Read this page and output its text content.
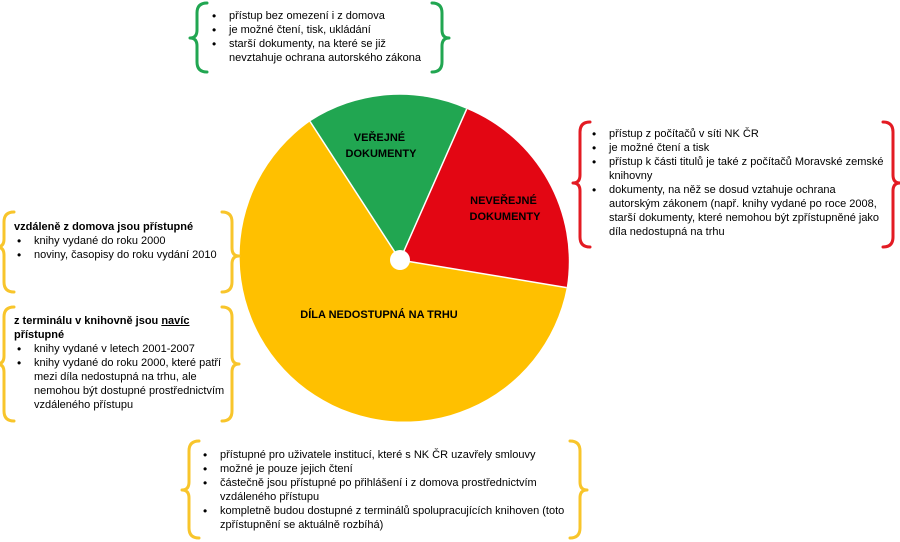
VEŘEJNÉ DOKUMENTY
NEVEŘEJNÉ DOKUMENTY
DÍLA NEDOSTUPNÁ NA TRHU
• přístup bez omezení i z domova
• je možné čtení, tisk, ukládání
• starší dokumenty, na které se již nevztahuje ochrana autorského zákona
• přístup z počítačů v síti NK ČR
• je možné čtení a tisk
• přístup k části titulů je také z počítačů Moravské zemské knihovny
• dokumenty, na něž se dosud vztahuje ochrana autorským zákonem (např. knihy vydané po roce 2008, starší dokumenty, které nemohou být zpřístupněné jako díla nedostupná na trhu
vzdáleně z domova jsou přístupné
• knihy vydané do roku 2000
• noviny, časopisy do roku vydání 2010
z terminálu v knihovně jsou navíc přístupné
• knihy vydané v letech 2001-2007
• knihy vydané do roku 2000, které patří mezi díla nedostupná na trhu, ale nemohou být dostupné prostřednictvím vzdáleného přístupu
• přístupné pro uživatele institucí, které s NK ČR uzavřely smlouvy
• možné je pouze jejich čtení
• částečně jsou přístupné po přihlášení i z domova prostřednictvím vzdáleného přístupu
• kompletně budou dostupné z terminálů spolupracujících knihoven (toto zpřístupnění se aktuálně rozbíhá)
